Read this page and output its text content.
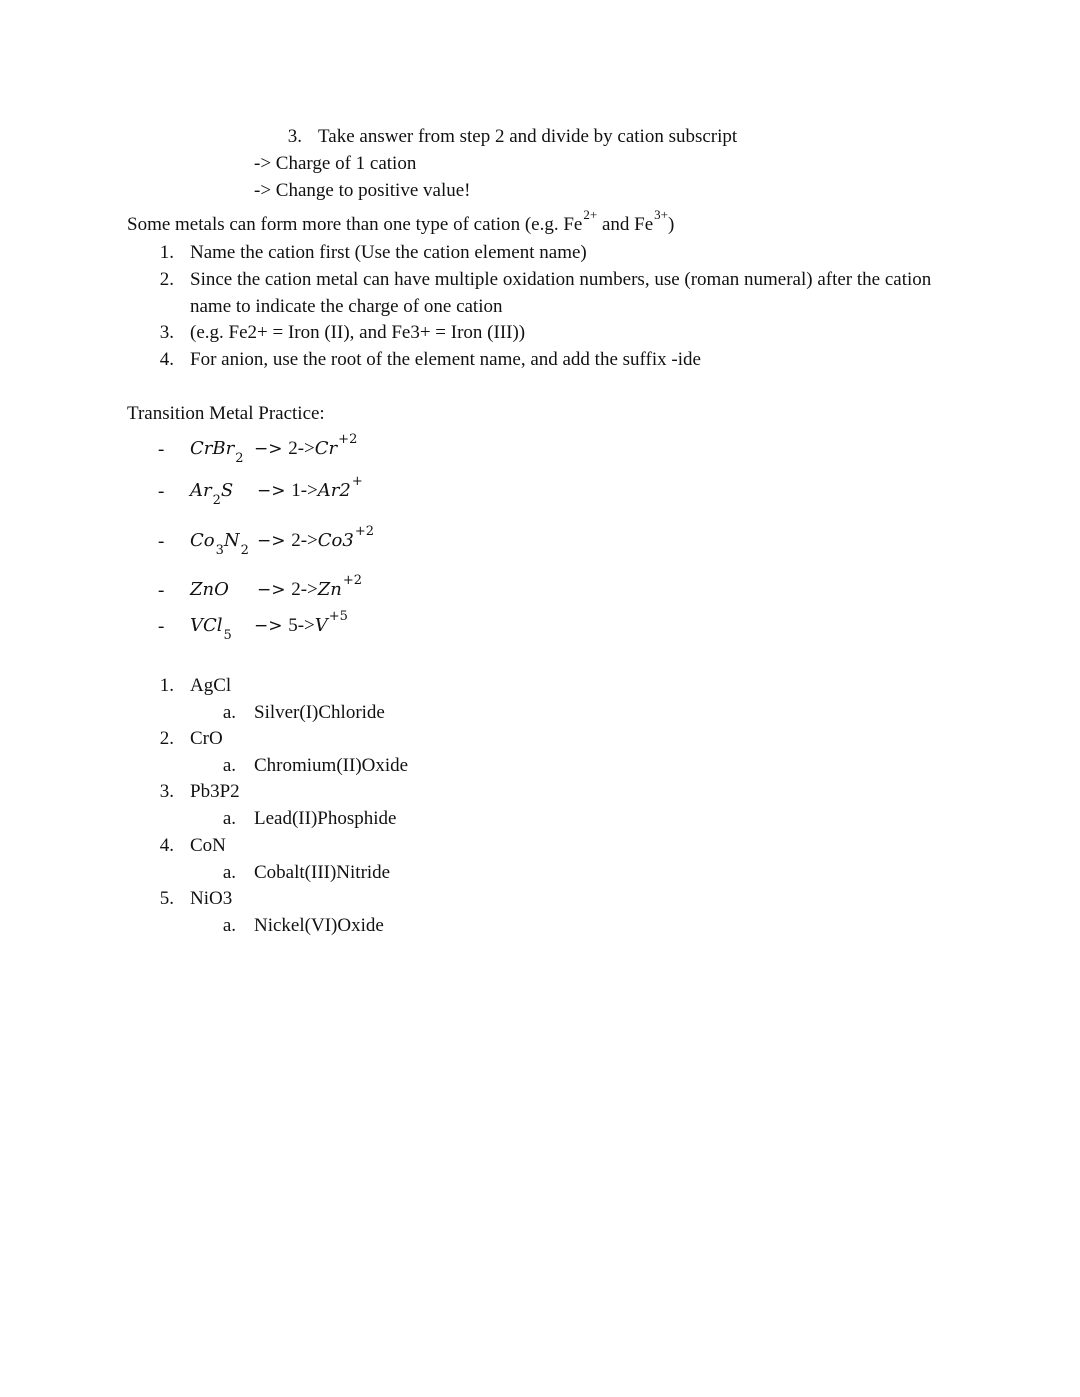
3. Take answer from step 2 and divide by cation subscript
-> Charge of 1 cation
-> Change to positive value!
Some metals can form more than one type of cation (e.g. $Fe^{2+}$ and $Fe^{3+}$)
1. Name the cation first (Use the cation element name)
2. Since the cation metal can have multiple oxidation numbers, use (roman numeral) after the cation
name to indicate the charge of one cation
3. (e.g. Fe2+ = Iron (II), and Fe3+ = Iron (III))
4. For anion, use the root of the element name, and add the suffix -ide
Transition Metal Practice:
- CrBr$_2$ −> $2->Cr^{+2}$
- $Ar_2S -> 1->Ar2^+$
- $Co_3N_2 -> 2->Co3^{+2}$
- ZnO −> $2->Zn^{+2}$
- $VCl_5 -> 5->V^{+5}$
1. AgCl
a. Silver(I)Chloride
2. CrO
a. Chromium(II)Oxide
3. Pb3P2
a. Lead(II)Phosphide
4. CoN
a. Cobalt(III)Nitride
5. NiO3
a. Nickel(VI)Oxide
